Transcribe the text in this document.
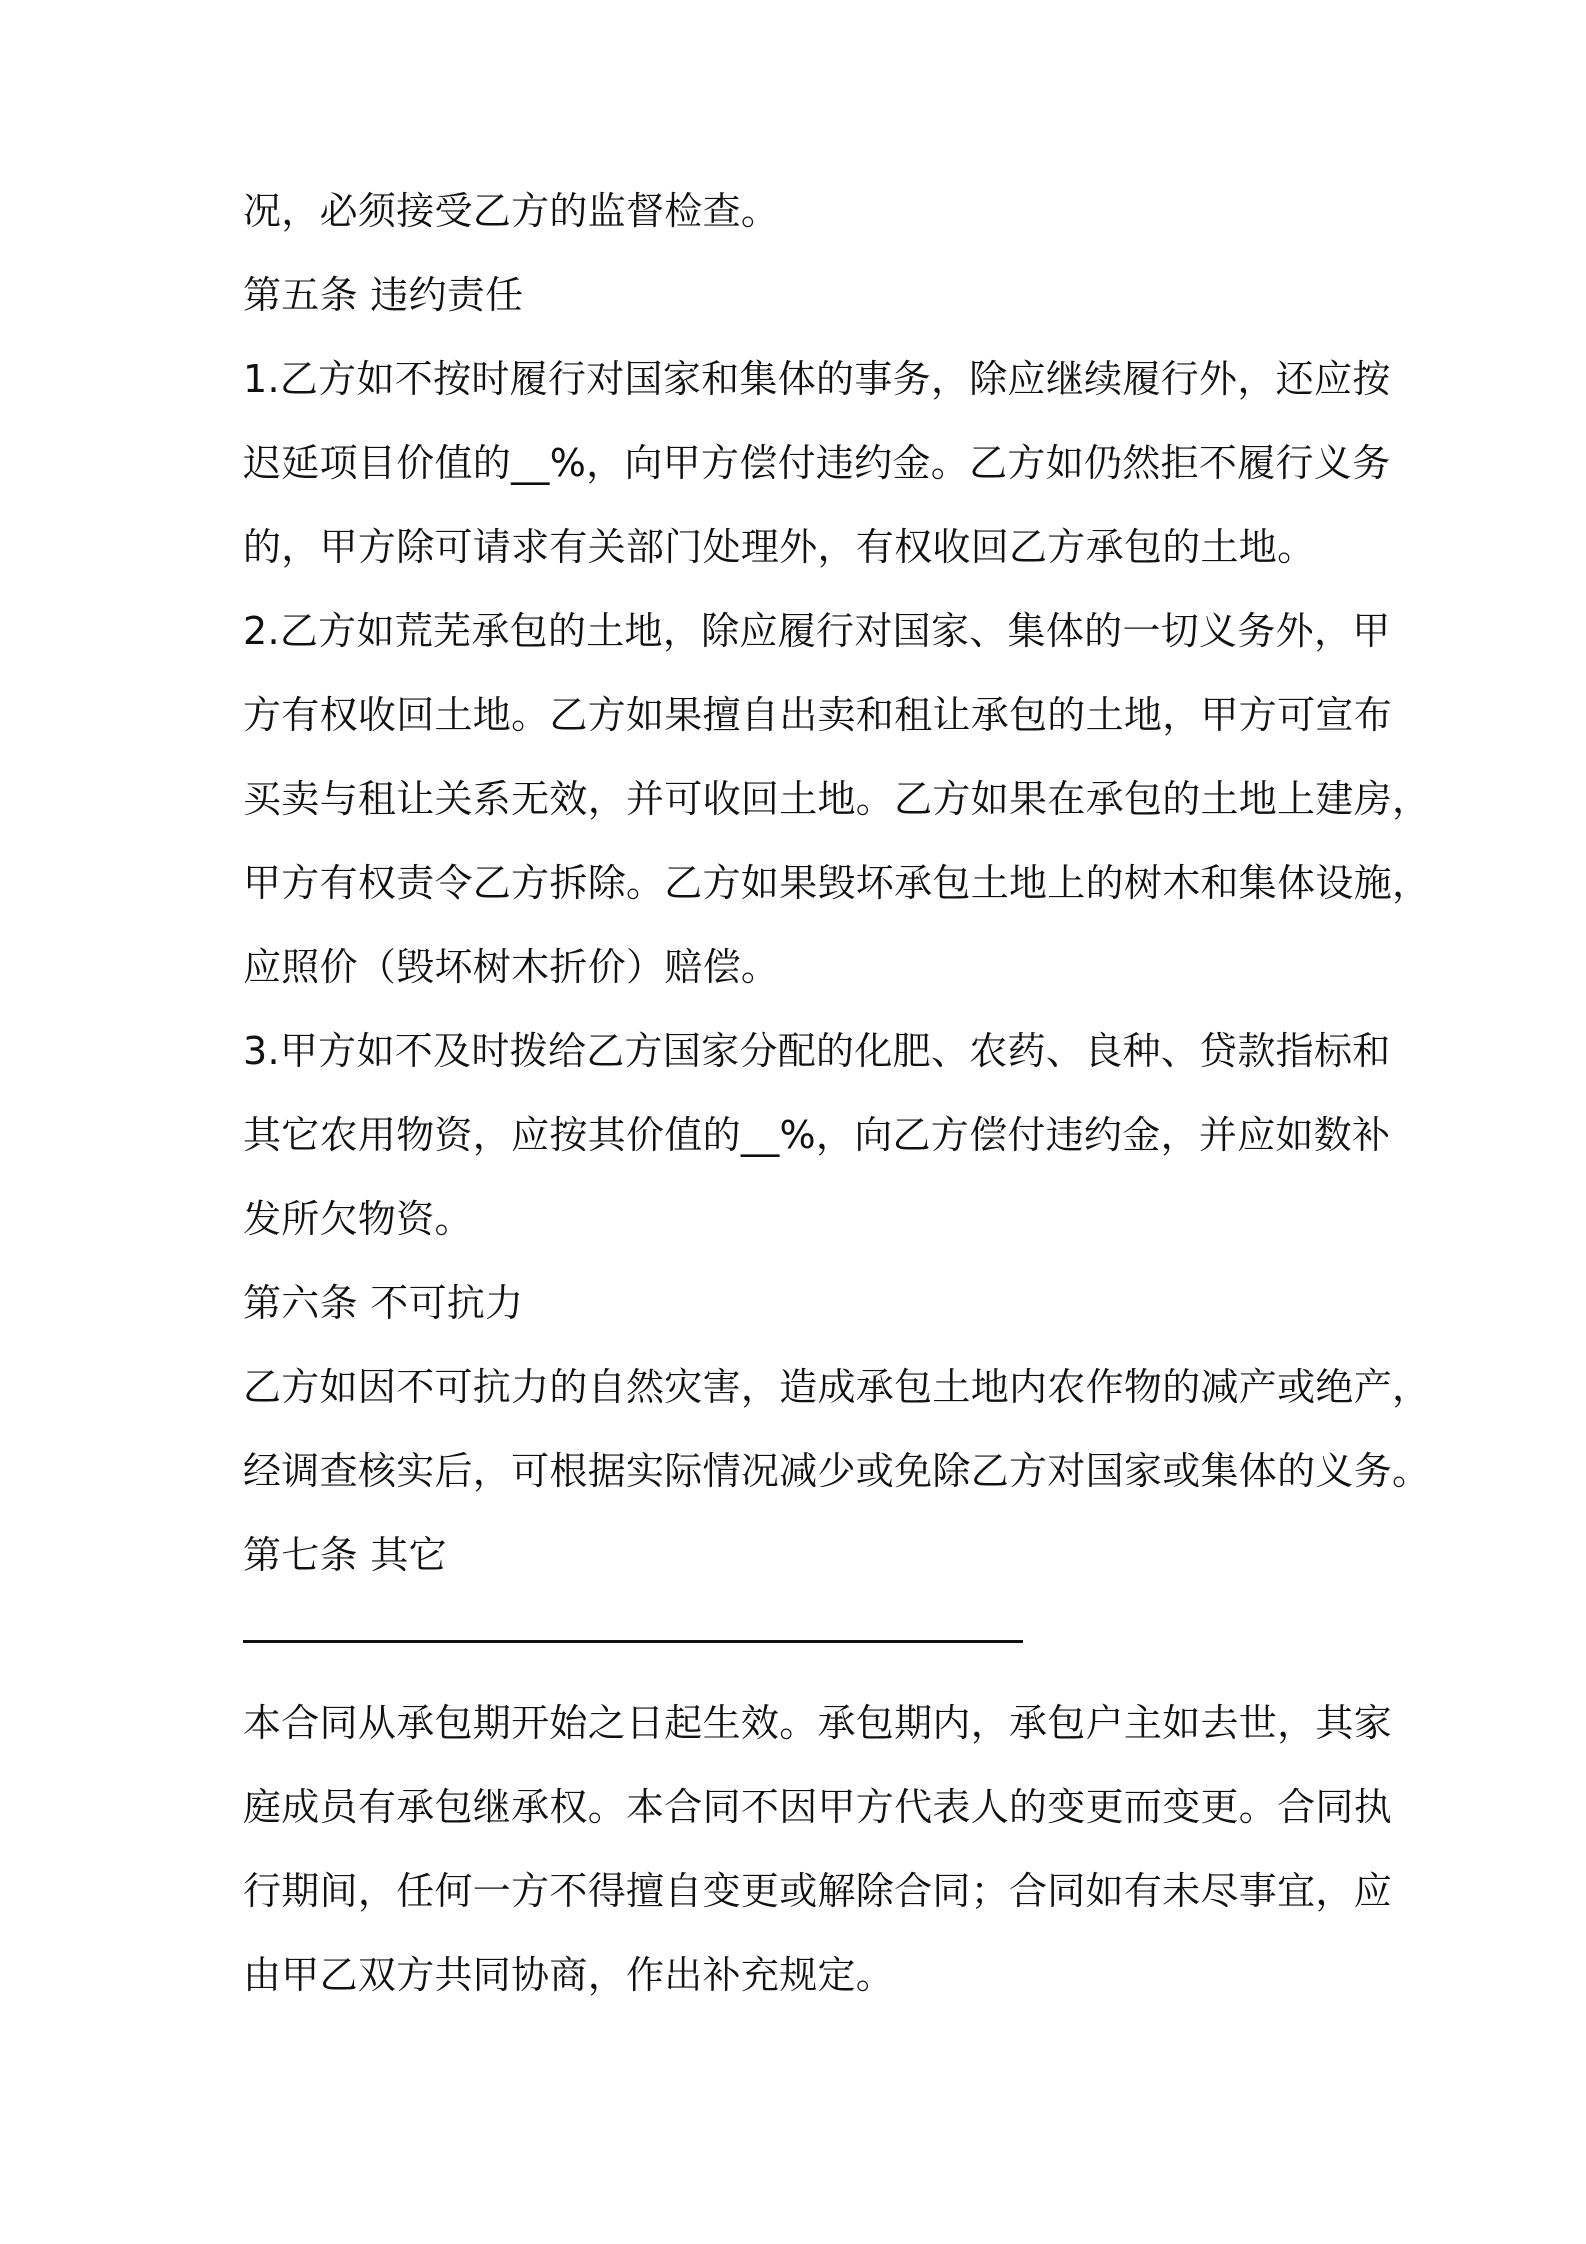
况，必须接受乙方的监督检查。
第五条 违约责任
1.乙方如不按时履行对国家和集体的事务，除应继续履行外，还应按
迟延项目价值的__%，向甲方偿付违约金。乙方如仍然拒不履行义务
的，甲方除可请求有关部门处理外，有权收回乙方承包的土地。
2.乙方如荒芜承包的土地，除应履行对国家、集体的一切义务外，甲
方有权收回土地。乙方如果擅自出卖和租让承包的土地，甲方可宣布
买卖与租让关系无效，并可收回土地。乙方如果在承包的土地上建房，
甲方有权责令乙方拆除。乙方如果毁坏承包土地上的树木和集体设施，
应照价（毁坏树木折价）赔偿。
3.甲方如不及时拨给乙方国家分配的化肥、农药、良种、贷款指标和
其它农用物资，应按其价值的__%，向乙方偿付违约金，并应如数补
发所欠物资。
第六条 不可抗力
乙方如因不可抗力的自然灾害，造成承包土地内农作物的减产或绝产，
经调查核实后，可根据实际情况减少或免除乙方对国家或集体的义务。
第七条 其它
本合同从承包期开始之日起生效。承包期内，承包户主如去世，其家
庭成员有承包继承权。本合同不因甲方代表人的变更而变更。合同执
行期间，任何一方不得擅自变更或解除合同；合同如有未尽事宜，应
由甲乙双方共同协商，作出补充规定。
